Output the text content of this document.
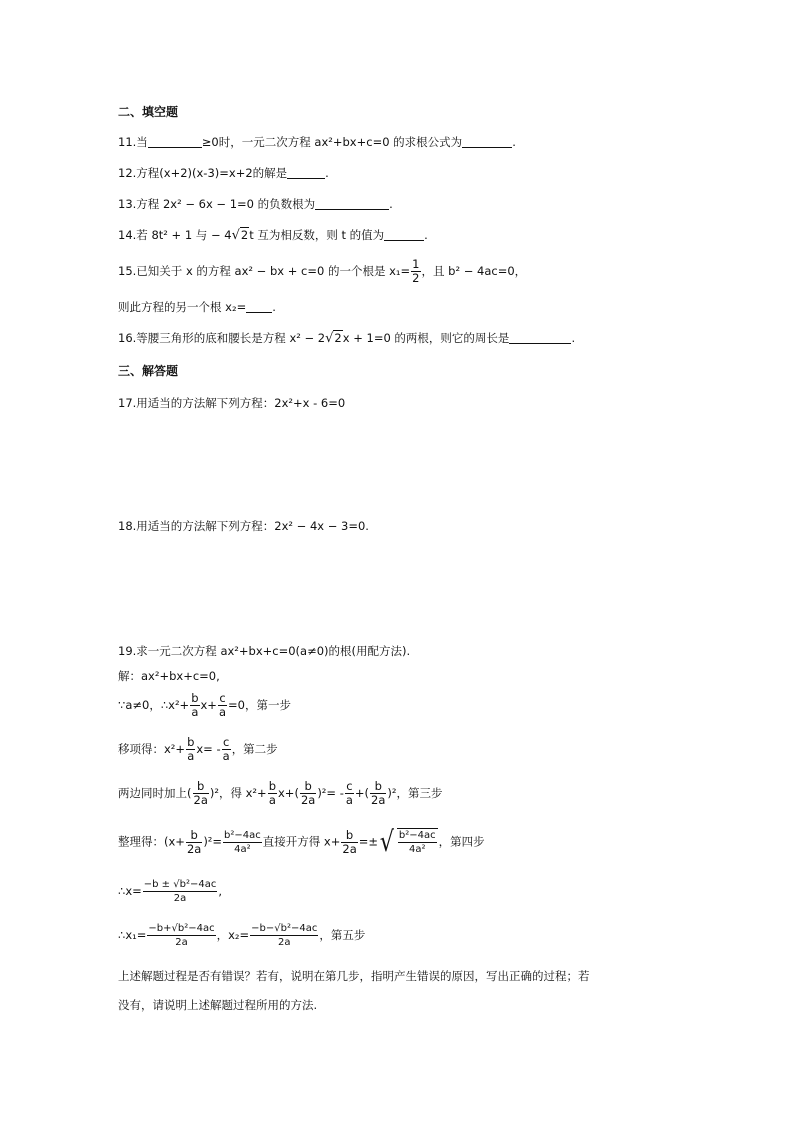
二、填空题
11.当	≥0时，一元二次方程 ax²+bx+c=0 的求根公式为	.
12.方程(x+2)(x-3)=x+2的解是	.
13.方程 2x² − 6x − 1=0 的负数根为	.
14.若 8t² + 1 与 − 4√2t 互为相反数，则 t 的值为	.
15.已知关于 x 的方程 ax² − bx + c=0 的一个根是 $x_1= \frac{1}{2}$ ，且 b² − 4ac=0，
则此方程的另一个根 x₂= .
16.等腰三角形的底和腰长是方程 x² − 2√2x + 1=0 的两根，则它的周长是	.
三、解答题
17.用适当的方法解下列方程：2x²+x - 6=0
18.用适当的方法解下列方程：2x² − 4x − 3=0.
19.求一元二次方程 ax²+bx+c=0(a≠0)的根(用配方法).
解：ax²+bx+c=0,
∵a≠0，∴x²+ $\frac{b}{a} x+ \frac{c}{a} =0$，第一步
移项得：$x^2+ \frac{b}{a} x= - \frac{c}{a}$ ，第二步
两边同时加上( $\frac{b}{2a} )^2$，得 $x^2+ \frac{b}{a} x+( \frac{b}{2a} )^2= - \frac{c}{a}$ +( $\frac{b}{2a} )^2$，第三步
整理得：$(x+ \frac{b}{2a} )^2= \frac{\text{b²−4ac}}{\text{4a²}}$ 直接开方得 $x+ \frac{b}{2a}$ =±√ $\frac{\text{b²−4ac}}{\text{4a²}}$ ，第四步
∴x= $\frac{\text{−b ± √b²−4ac}}{2a}$ ,
∴x₁= $\frac{\text{−b+√b²−4ac}}{2a}$ ，$x_2= \frac{\text{−b−√b²−4ac}}{2a}$ ，第五步
上述解题过程是否有错误？若有，说明在第几步，指明产生错误的原因，写出正确的过程；若
没有，请说明上述解题过程所用的方法.
